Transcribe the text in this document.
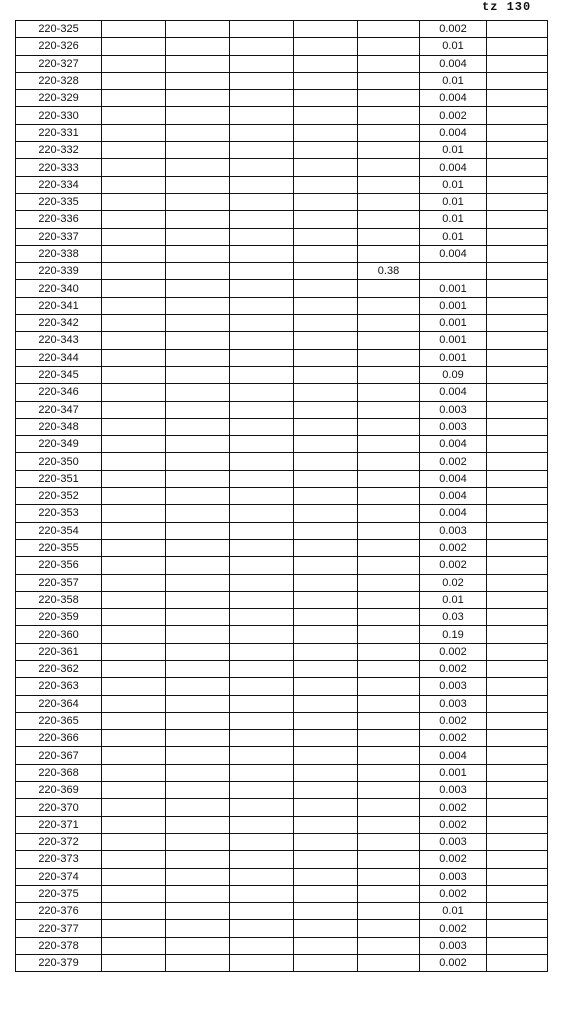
tz 130
220-325						0.002	
220-326						0.01	
220-327						0.004	
220-328						0.01	
220-329						0.004	
220-330						0.002	
220-331						0.004	
220-332						0.01	
220-333						0.004	
220-334						0.01	
220-335						0.01	
220-336						0.01	
220-337						0.01	
220-338						0.004	
220-339					0.38		
220-340						0.001	
220-341						0.001	
220-342						0.001	
220-343						0.001	
220-344						0.001	
220-345						0.09	
220-346						0.004	
220-347						0.003	
220-348						0.003	
220-349						0.004	
220-350						0.002	
220-351						0.004	
220-352						0.004	
220-353						0.004	
220-354						0.003	
220-355						0.002	
220-356						0.002	
220-357						0.02	
220-358						0.01	
220-359						0.03	
220-360						0.19	
220-361						0.002	
220-362						0.002	
220-363						0.003	
220-364						0.003	
220-365						0.002	
220-366						0.002	
220-367						0.004	
220-368						0.001	
220-369						0.003	
220-370						0.002	
220-371						0.002	
220-372						0.003	
220-373						0.002	
220-374						0.003	
220-375						0.002	
220-376						0.01	
220-377						0.002	
220-378						0.003	
220-379						0.002	
